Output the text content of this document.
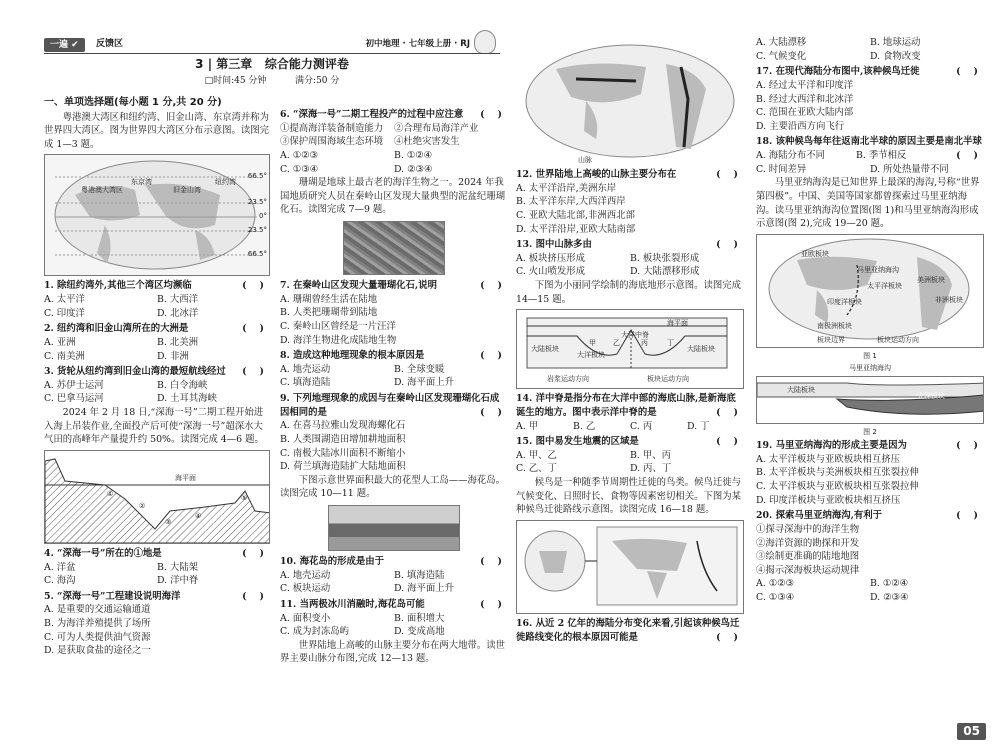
一遍 ✔	反馈区	初中地理 · 七年级上册 · RJ
3 | 第三章 综合能力测评卷
□时间:45 分钟	满分:50 分
一、单项选择题(每小题 1 分,共 20 分)
粤港澳大湾区和纽约湾、旧金山湾、东京湾并称为世界四大湾区。图为世界四大湾区分布示意图。读图完成 1—3 题。
粤港澳大湾区
东京湾
旧金山湾
纽约湾
66.5°
23.5°
0°
23.5°
66.5°
1. 除纽约湾外,其他三个湾区均濒临	(    )
A. 太平洋	B. 大西洋
C. 印度洋	D. 北冰洋
2. 纽约湾和旧金山湾所在的大洲是	(    )
A. 亚洲	B. 北美洲
C. 南美洲	D. 非洲
3. 货轮从纽约湾到旧金山湾的最短航线经过 (    )
A. 苏伊士运河	B. 白令海峡
C. 巴拿马运河	D. 土耳其海峡
2024 年 2 月 18 日,“深海一号”二期工程开始进入海上吊装作业,全面投产后可使“深海一号”超深水大气田的高峰年产量提升约 50%。读图完成 4—6 题。
海平面
①
②
③
④
⑤
4. “深海一号”所在的①地是	(    )
A. 洋盆	B. 大陆架
C. 海沟	D. 洋中脊
5. “深海一号”工程建设说明海洋	(    )
A. 是重要的交通运输通道
B. 为海洋养殖提供了场所
C. 可为人类提供油气资源
D. 是获取食盐的途径之一
6. “深海一号”二期工程投产的过程中应注意 (    )
①提高海洋装备制造能力	②合理布局海洋产业
③保护周围海域生态环境	④杜绝灾害发生
A. ①②③	B. ①②④
C. ①③④	D. ②③④
珊瑚是地球上最古老的海洋生物之一。2024 年我国地质研究人员在秦岭山区发现大量典型的泥盆纪珊瑚化石。读图完成 7—9 题。
7. 在秦岭山区发现大量珊瑚化石,说明	(    )
A. 珊瑚曾经生活在陆地
B. 人类把珊瑚带到陆地
C. 秦岭山区曾经是一片汪洋
D. 海洋生物进化成陆地生物
8. 造成这种地理现象的根本原因是	(    )
A. 地壳运动	B. 全球变暖
C. 填海造陆	D. 海平面上升
9. 下列地理现象的成因与在秦岭山区发现珊瑚化石成因相同的是	(    )
A. 在喜马拉雅山发现海螺化石
B. 人类围湖造田增加耕地面积
C. 南极大陆冰川面积不断缩小
D. 荷兰填海造陆扩大陆地面积
下图示意世界面积最大的花型人工岛——海花岛。读图完成 10—11 题。
10. 海花岛的形成是由于	(    )
A. 地壳运动	B. 填海造陆
C. 板块运动	D. 海平面上升
11. 当两极冰川消融时,海花岛可能	(    )
A. 面积变小	B. 面积增大
C. 成为封冻岛屿	D. 变成高地
世界陆地上高峻的山脉主要分布在两大地带。读世界主要山脉分布图,完成 12—13 题。
山脉
12. 世界陆地上高峻的山脉主要分布在	(    )
A. 太平洋沿岸,美洲东岸
B. 太平洋东岸,大西洋西岸
C. 亚欧大陆北部,非洲西北部
D. 太平洋沿岸,亚欧大陆南部
13. 图中山脉多由	(    )
A. 板块挤压形成	B. 板块张裂形成
C. 火山喷发形成	D. 大陆漂移形成
下图为小丽同学绘制的海底地形示意图。读图完成 14—15 题。
海平面
大洋中脊
大陆板块
大洋板块
大陆板块
甲 乙	丙	丁
岩浆运动方向	板块运动方向
14. 洋中脊是指分布在大洋中部的海底山脉,是新海底诞生的地方。图中表示洋中脊的是	(    )
A. 甲	B. 乙	C. 丙	D. 丁
15. 图中易发生地震的区域是	(    )
A. 甲、乙	B. 甲、丙
C. 乙、丁	D. 丙、丁
候鸟是一种随季节周期性迁徙的鸟类。候鸟迁徙与气候变化、日照时长、食物等因素密切相关。下图为某种候鸟迁徙路线示意图。读图完成 16—18 题。
16. 从近 2 亿年的海陆分布变化来看,引起该种候鸟迁徙路线变化的根本原因可能是	(    )
A. 大陆漂移	B. 地球运动
C. 气候变化	D. 食物改变
17. 在现代海陆分布图中,该种候鸟迁徙	(    )
A. 经过太平洋和印度洋
B. 经过大西洋和北冰洋
C. 范围在亚欧大陆内部
D. 主要沿西方向飞行
18. 该种候鸟每年往返南北半球的原因主要是南北半球
(    )
A. 海陆分布不同	B. 季节相反
C. 时间差异	D. 所处热量带不同
马里亚纳海沟是已知世界上最深的海沟,号称“世界第四极”。中国、美国等国家都曾探索过马里亚纳海沟。读马里亚纳海沟位置图(图 1)和马里亚纳海沟形成示意图(图 2),完成 19—20 题。
亚欧板块
马里亚纳海沟
太平洋板块
印度洋板块
南极洲板块
美洲板块
非洲板块
板块边界	板块运动方向
图 1
马里亚纳海沟
大陆板块
大洋板块
图 2
19. 马里亚纳海沟的形成主要是因为	(    )
A. 太平洋板块与亚欧板块相互挤压
B. 太平洋板块与美洲板块相互张裂拉伸
C. 太平洋板块与亚欧板块相互张裂拉伸
D. 印度洋板块与亚欧板块相互挤压
20. 探索马里亚纳海沟,有利于	(    )
①探寻深海中的海洋生物
②海洋资源的勘探和开发
③绘制更准确的陆地地图
④揭示深海板块运动规律
A. ①②③	B. ①②④
C. ①③④	D. ②③④
05
